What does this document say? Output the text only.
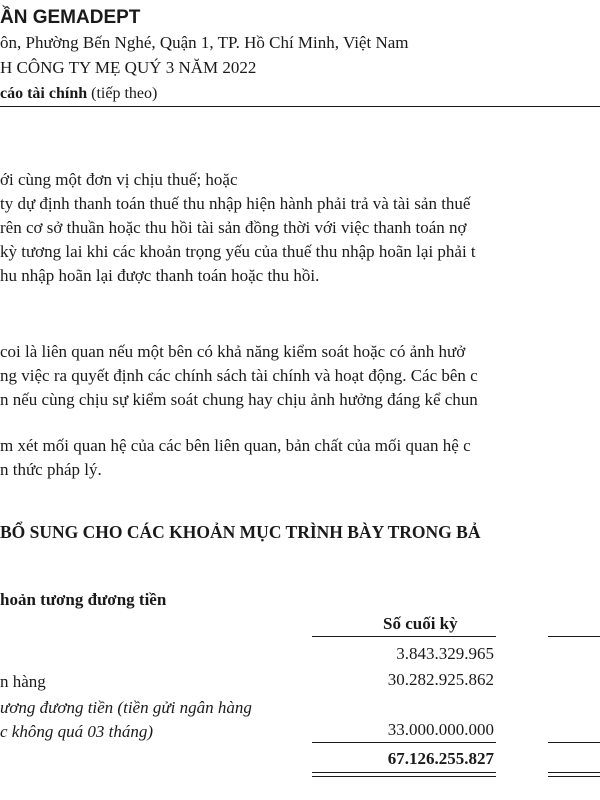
ẦN GEMADEPT
ôn, Phường Bến Nghé, Quận 1, TP. Hồ Chí Minh, Việt Nam
H CÔNG TY MẸ QUÝ 3 NĂM 2022
cáo tài chính (tiếp theo)
ới cùng một đơn vị chịu thuế; hoặc
ty dự định thanh toán thuế thu nhập hiện hành phải trả và tài sản thuế
rên cơ sở thuần hoặc thu hồi tài sản đồng thời với việc thanh toán nợ
kỳ tương lai khi các khoản trọng yếu của thuế thu nhập hoãn lại phải t
hu nhập hoãn lại được thanh toán hoặc thu hồi.
coi là liên quan nếu một bên có khả năng kiểm soát hoặc có ảnh hưở
ng việc ra quyết định các chính sách tài chính và hoạt động. Các bên c
n nếu cùng chịu sự kiểm soát chung hay chịu ảnh hưởng đáng kể chun
m xét mối quan hệ của các bên liên quan, bản chất của mối quan hệ c
n thức pháp lý.
BỔ SUNG CHO CÁC KHOẢN MỤC TRÌNH BÀY TRONG BẢ
hoản tương đương tiền
Số cuối kỳ
3.843.329.965
n hàng	30.282.925.862
ương đương tiền (tiền gửi ngân hàng
c không quá 03 tháng)	33.000.000.000
67.126.255.827
